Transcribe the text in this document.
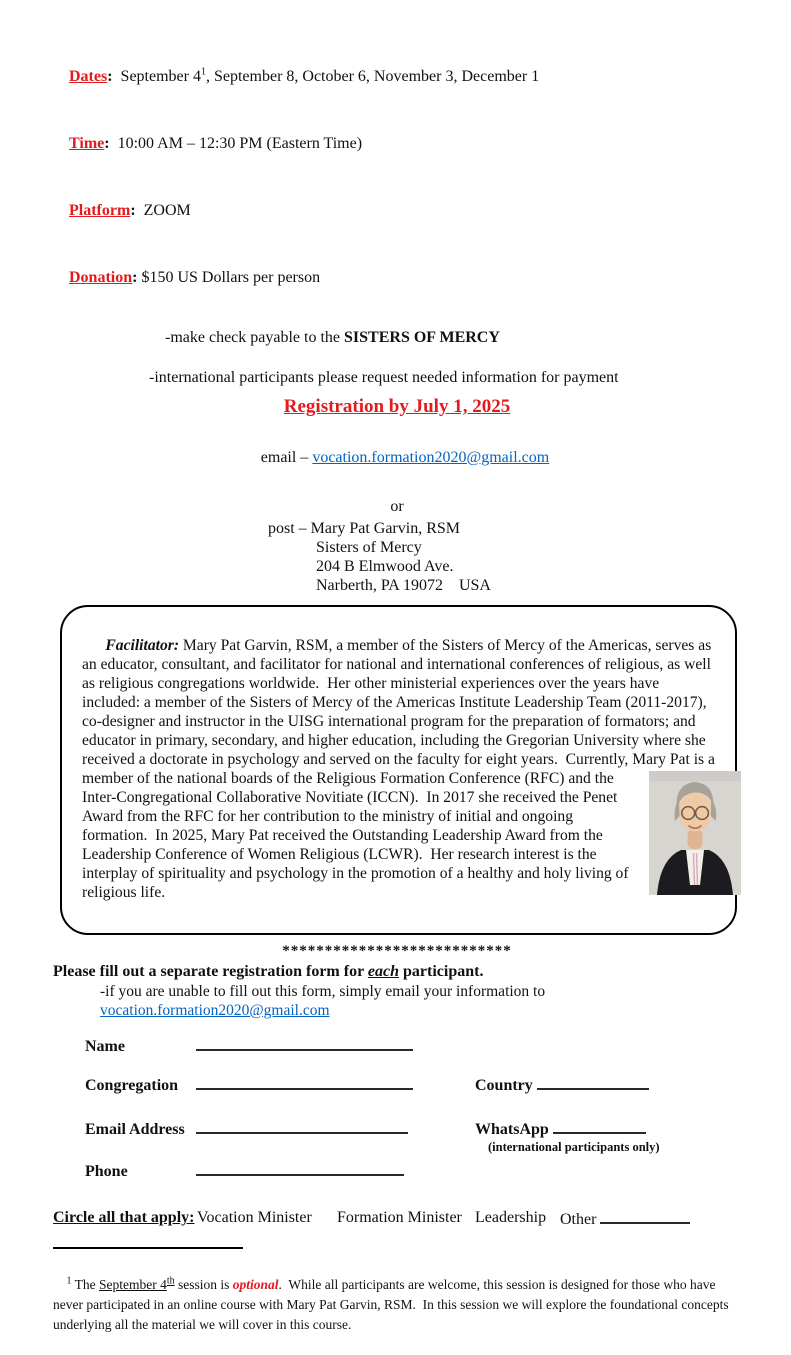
Dates:  September 4$^1$, September 8, October 6, November 3, December 1

Time:  10:00 AM – 12:30 PM (Eastern Time)

Platform:  ZOOM

Donation: $150 US Dollars per person

-make check payable to the SISTERS OF MERCY

-international participants please request needed information for payment
Registration by July 1, 2025

email – vocation.formation2020@gmail.com

or
post – Mary Pat Garvin, RSM
Sisters of Mercy
204 B Elmwood Ave.
Narberth, PA 19072    USA

Facilitator: Mary Pat Garvin, RSM, a member of the Sisters of Mercy of the Americas, serves as an educator, consultant, and facilitator for national and international conferences of religious, as well as religious congregations worldwide.  Her other ministerial experiences over the years have included: a member of the Sisters of Mercy of the Americas Institute Leadership Team (2011-2017), co-designer and instructor in the UISG international program for the preparation of formators; and educator in primary, secondary, and higher education, including the Gregorian University where she received a doctorate in psychology and served on the faculty for eight years.  Currently, Mary Pat is a member of the national boards of the Religious Formation Conference
(RFC) and the Inter-Congregational Collaborative Novitiate (ICCN).  In 2017 she received the Penet Award from the RFC for her contribution to the ministry of initial and ongoing formation.  In 2025, Mary Pat received the Outstanding Leadership Award from the Leadership Conference of Women Religious (LCWR).  Her research interest is the interplay of spirituality and psychology in the promotion of a healthy and holy living of religious life.

***************************
Please fill out a separate registration form for each participant.
-if you are unable to fill out this form, simply email your information to vocation.formation2020@gmail.com
Name
Congregation	Country
Email Address	WhatsApp
(international participants only)
Phone
Circle all that apply: Vocation Minister Formation Minister Leadership Other

$^1$ The September 4th session is optional.  While all participants are welcome, this session is designed for those who have never participated in an online course with Mary Pat Garvin, RSM.  In this session we will explore the foundational concepts underlying all the material we will cover in this course.
